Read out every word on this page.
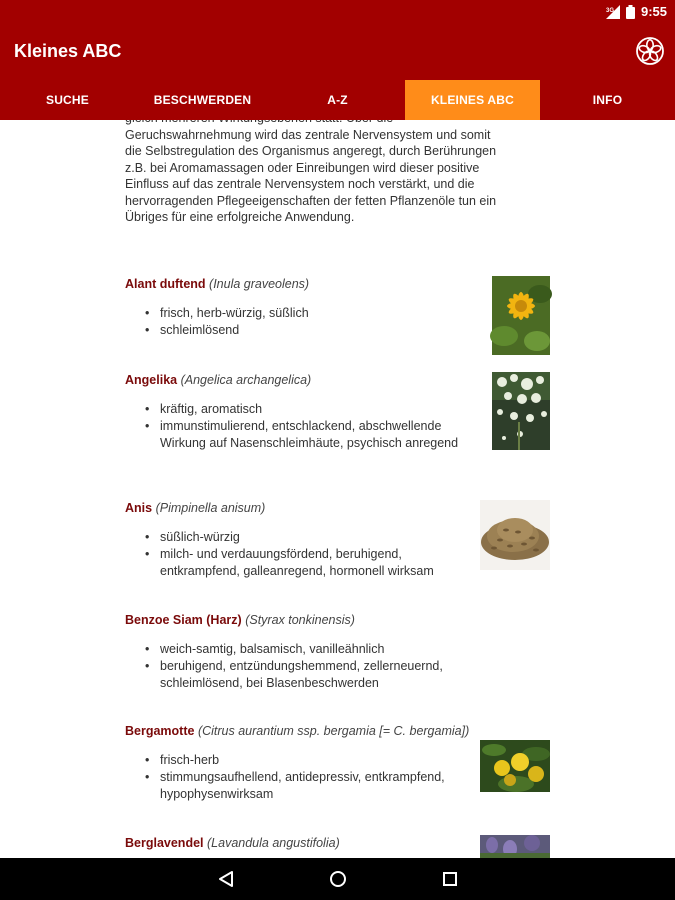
3G 9:55
Kleines ABC
SUCHE	BESCHWERDEN	A-Z	KLEINES ABC	INFO
Geruchswahrnehmung wird das zentrale Nervensystem und somit
die Selbstregulation des Organismus angeregt, durch Berührungen
z.B. bei Aromamassagen oder Einreibungen wird dieser positive
Einfluss auf das zentrale Nervensystem noch verstärkt, und die
hervorragenden Pflegeeigenschaften der fetten Pflanzenöle tun ein
Übriges für eine erfolgreiche Anwendung.
Alant duftend (Inula graveolens)
• frisch, herb-würzig, süßlich
• schleimlösend
Angelika (Angelica archangelica)
• kräftig, aromatisch
• immunstimulierend, entschlackend, abschwellende Wirkung auf Nasenschleimhäute, psychisch anregend
Anis (Pimpinella anisum)
• süßlich-würzig
• milch- und verdauungsfördend, beruhigend, entkrampfend, galleanregend, hormonell wirksam
Benzoe Siam (Harz) (Styrax tonkinensis)
• weich-samtig, balsamisch, vanilleähnlich
• beruhigend, entzündungshemmend, zellerneuernd, schleimlösend, bei Blasenbeschwerden
Bergamotte (Citrus aurantium ssp. bergamia [= C. bergamia])
• frisch-herb
• stimmungsaufhellend, antidepressiv, entkrampfend, hypophysenwirksam
Berglavendel (Lavandula angustifolia)
